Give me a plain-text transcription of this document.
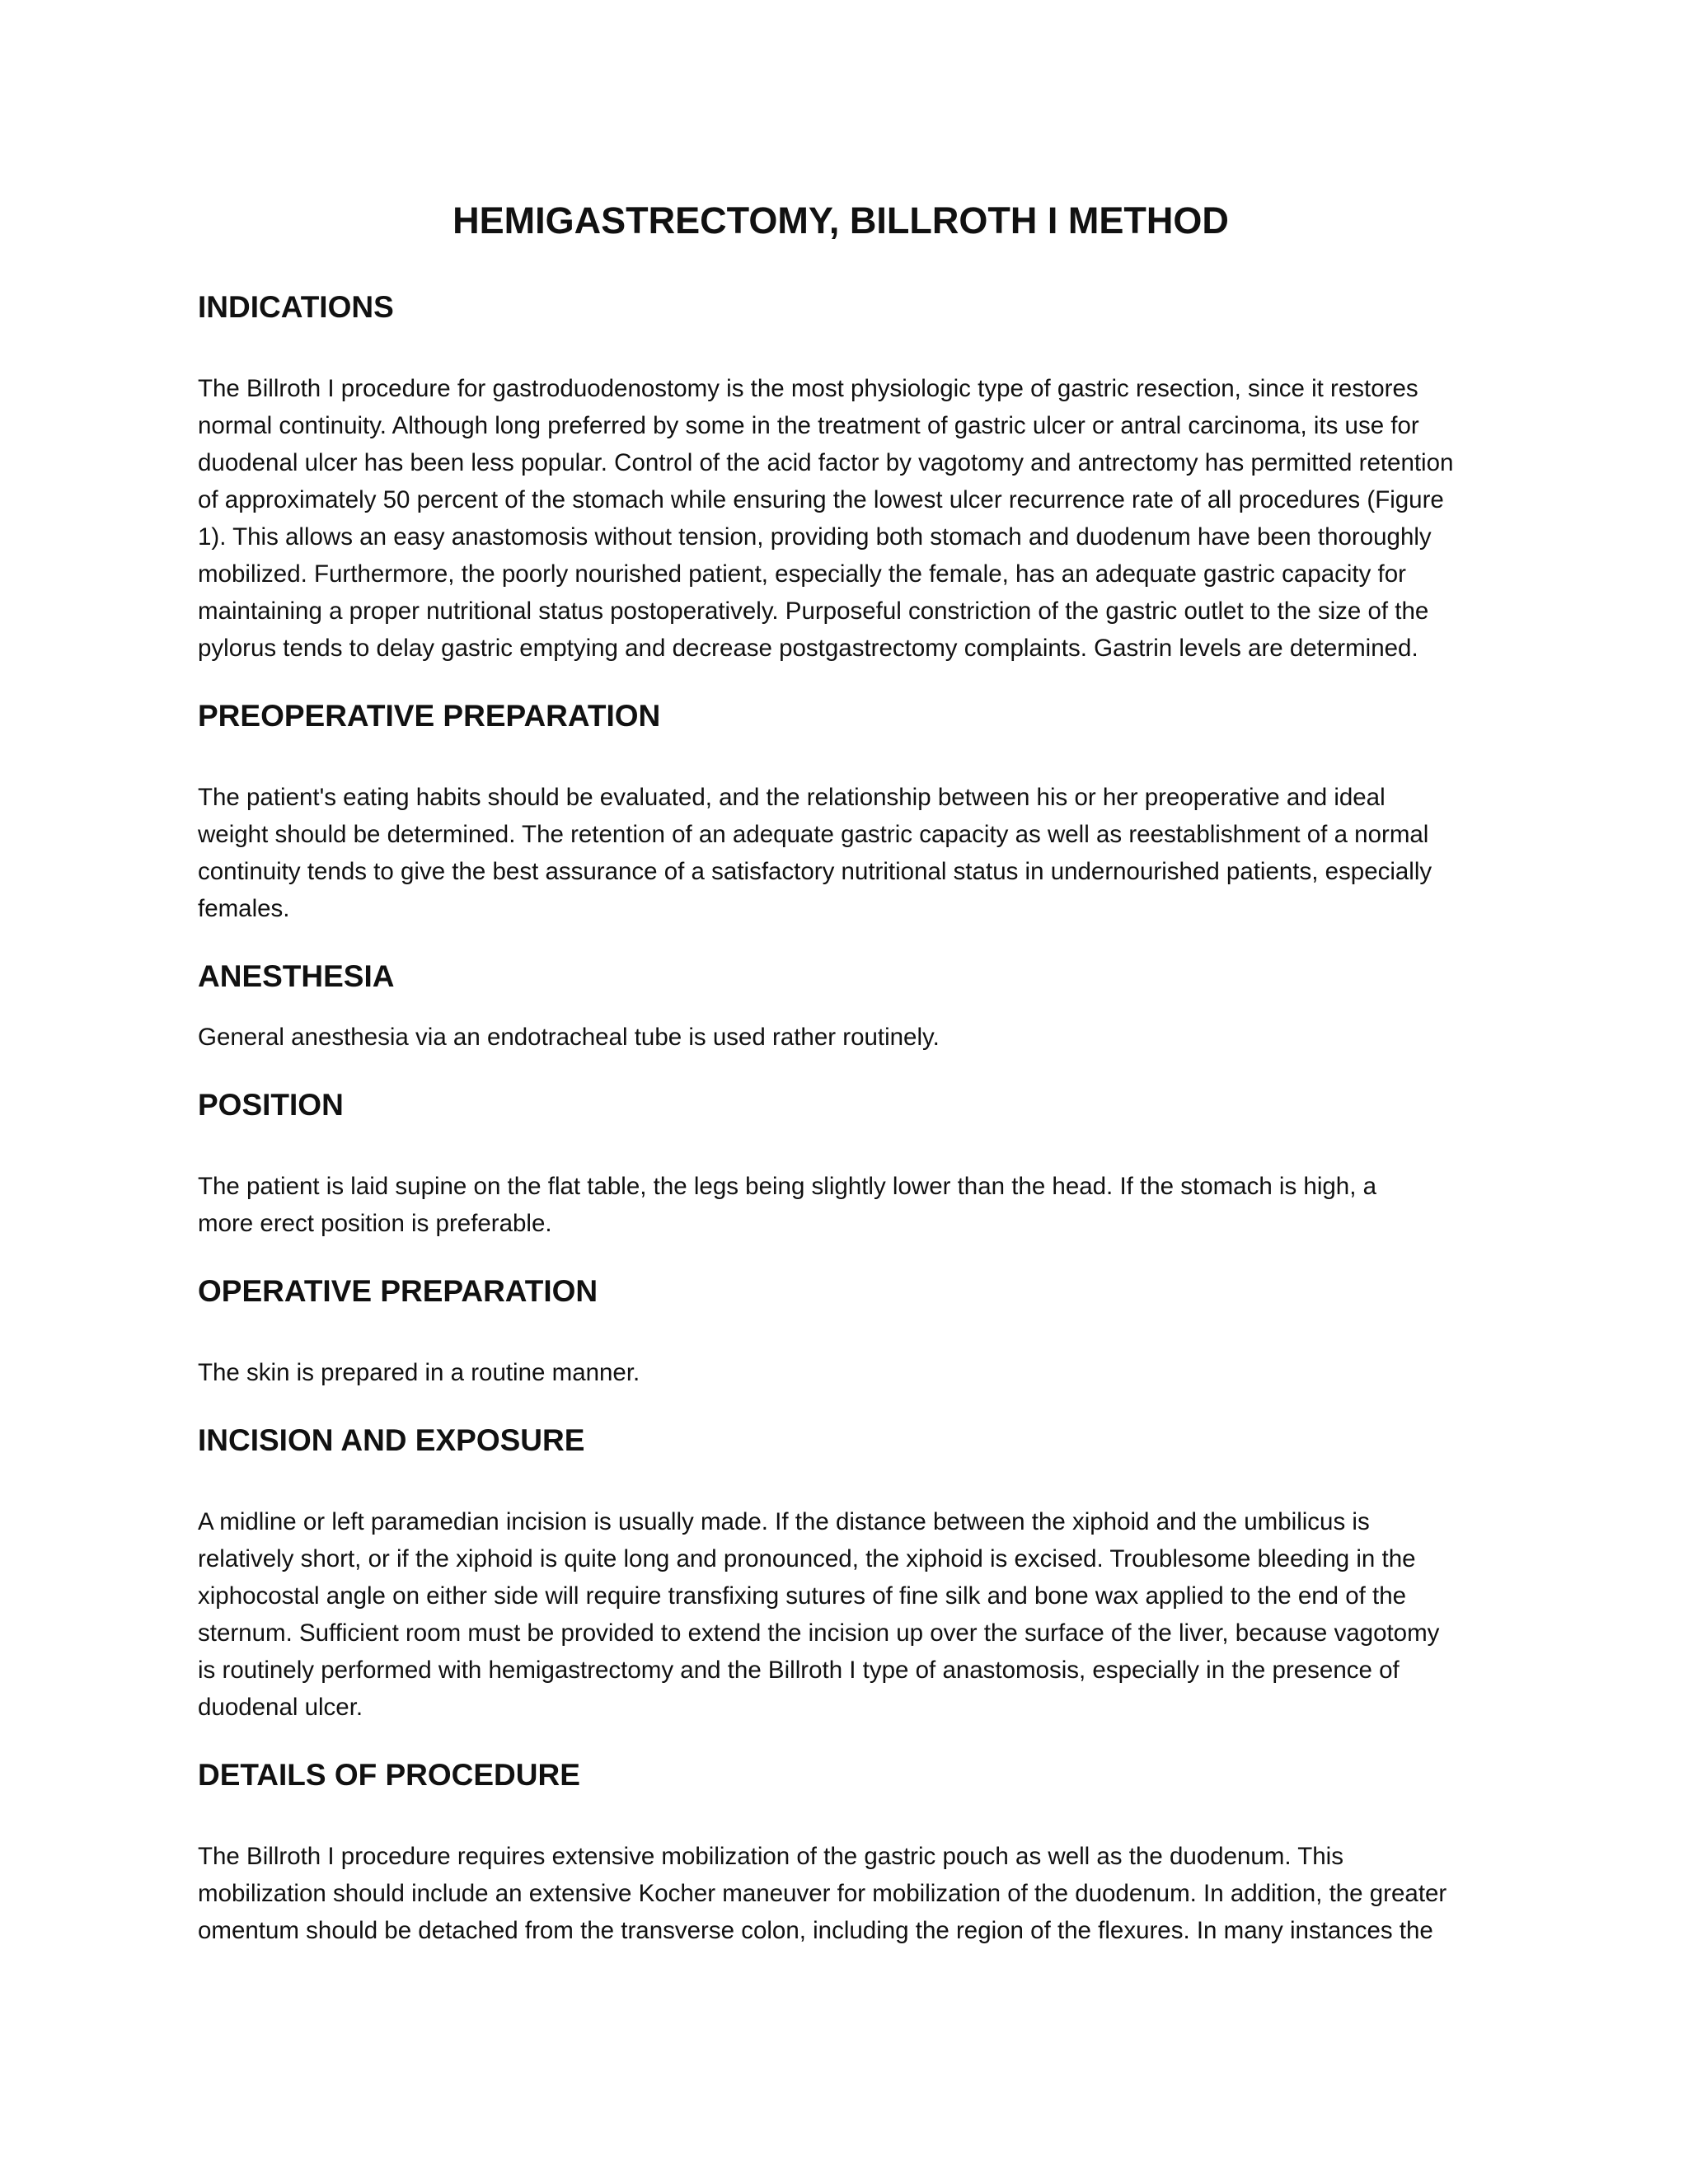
HEMIGASTRECTOMY, BILLROTH I METHOD
INDICATIONS
The Billroth I procedure for gastroduodenostomy is the most physiologic type of gastric resection, since it restores
normal continuity. Although long preferred by some in the treatment of gastric ulcer or antral carcinoma, its use for
duodenal ulcer has been less popular. Control of the acid factor by vagotomy and antrectomy has permitted retention
of approximately 50 percent of the stomach while ensuring the lowest ulcer recurrence rate of all procedures (Figure
1). This allows an easy anastomosis without tension, providing both stomach and duodenum have been thoroughly
mobilized. Furthermore, the poorly nourished patient, especially the female, has an adequate gastric capacity for
maintaining a proper nutritional status postoperatively. Purposeful constriction of the gastric outlet to the size of the
pylorus tends to delay gastric emptying and decrease postgastrectomy complaints. Gastrin levels are determined.
PREOPERATIVE PREPARATION
The patient's eating habits should be evaluated, and the relationship between his or her preoperative and ideal
weight should be determined. The retention of an adequate gastric capacity as well as reestablishment of a normal
continuity tends to give the best assurance of a satisfactory nutritional status in undernourished patients, especially
females.
ANESTHESIA
General anesthesia via an endotracheal tube is used rather routinely.
POSITION
The patient is laid supine on the flat table, the legs being slightly lower than the head. If the stomach is high, a
more erect position is preferable.
OPERATIVE PREPARATION
The skin is prepared in a routine manner.
INCISION AND EXPOSURE
A midline or left paramedian incision is usually made. If the distance between the xiphoid and the umbilicus is
relatively short, or if the xiphoid is quite long and pronounced, the xiphoid is excised. Troublesome bleeding in the
xiphocostal angle on either side will require transfixing sutures of fine silk and bone wax applied to the end of the
sternum. Sufficient room must be provided to extend the incision up over the surface of the liver, because vagotomy
is routinely performed with hemigastrectomy and the Billroth I type of anastomosis, especially in the presence of
duodenal ulcer.
DETAILS OF PROCEDURE
The Billroth I procedure requires extensive mobilization of the gastric pouch as well as the duodenum. This
mobilization should include an extensive Kocher maneuver for mobilization of the duodenum. In addition, the greater
omentum should be detached from the transverse colon, including the region of the flexures. In many instances the
